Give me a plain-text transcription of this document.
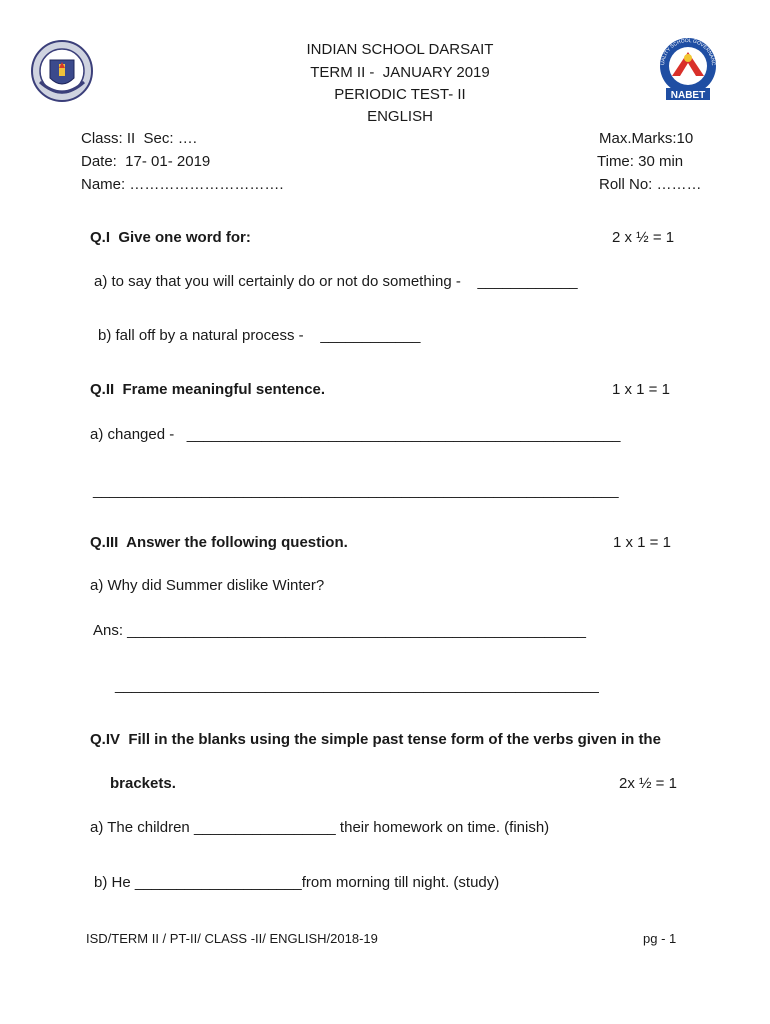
NABET
UALITY SCHOOL GOVERNANC
INDIAN SCHOOL DARSAIT
TERM II -  JANUARY 2019
PERIODIC TEST- II
ENGLISH
Class: II  Sec: ….
Date:  17- 01- 2019
Name: ………………………….
Max.Marks:10
Time: 30 min
Roll No: ………
Q.I  Give one word for:	2 x ½ = 1
a) to say that you will certainly do or not do something -    ____________
b) fall off by a natural process -    ____________
Q.II  Frame meaningful sentence.	1 x 1 = 1
a) changed -   ____________________________________________________
_______________________________________________________________
Q.III  Answer the following question.	1 x 1 = 1
a) Why did Summer dislike Winter?
Ans: _______________________________________________________
__________________________________________________________
Q.IV  Fill in the blanks using the simple past tense form of the verbs given in the
brackets.	2x ½ = 1
a) The children _________________ their homework on time. (finish)
b) He ____________________from morning till night. (study)
ISD/TERM II / PT-II/ CLASS -II/ ENGLISH/2018-19	pg - 1
